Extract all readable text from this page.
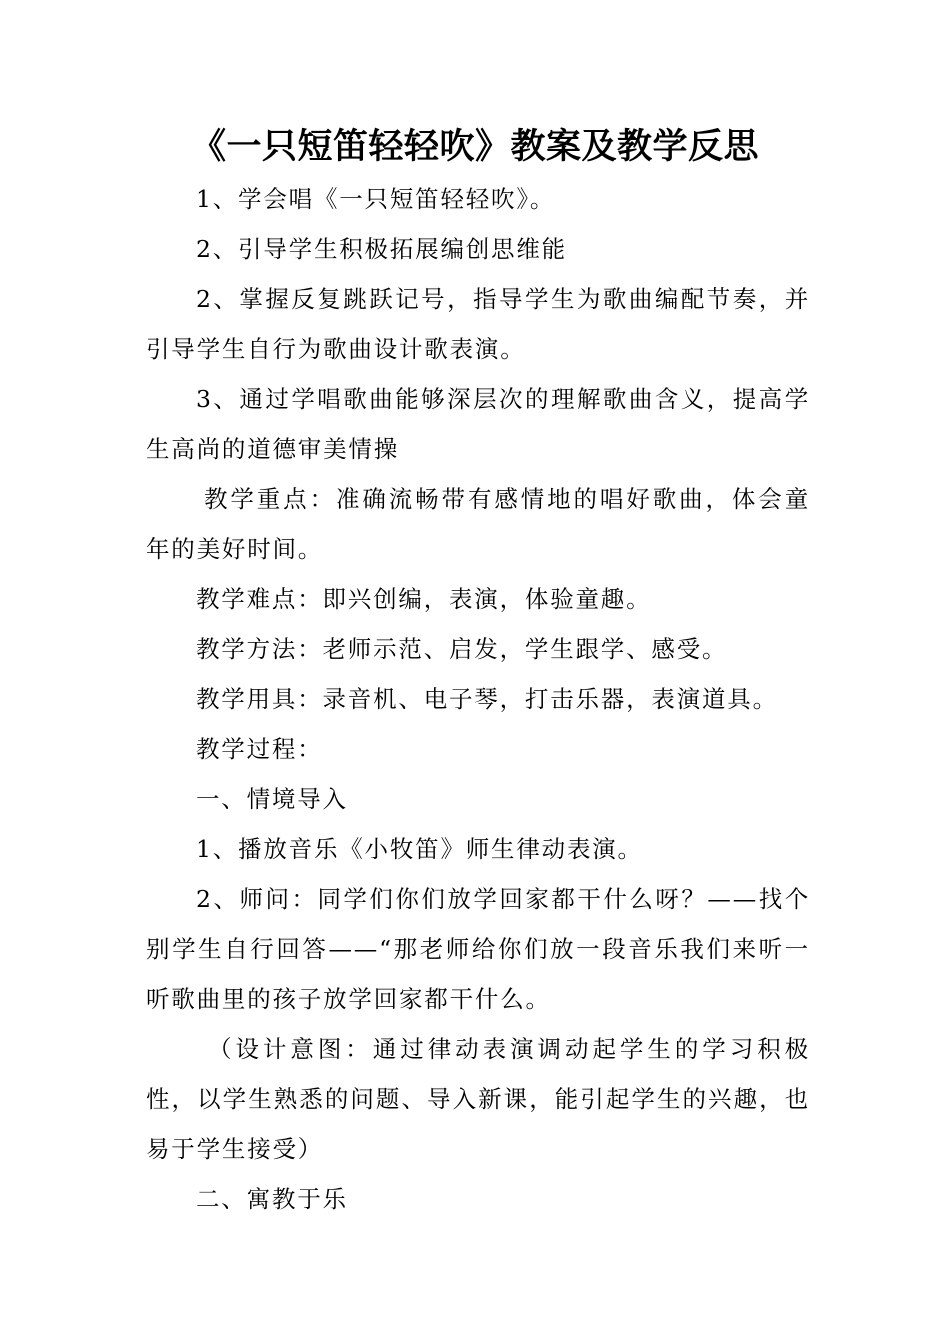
《一只短笛轻轻吹》教案及教学反思

1、学会唱《一只短笛轻轻吹》。

2、引导学生积极拓展编创思维能

2、掌握反复跳跃记号，指导学生为歌曲编配节奏，并引导学生自行为歌曲设计歌表演。

3、通过学唱歌曲能够深层次的理解歌曲含义，提高学生高尚的道德审美情操

教学重点：准确流畅带有感情地的唱好歌曲，体会童年的美好时间。

教学难点：即兴创编，表演，体验童趣。

教学方法：老师示范、启发，学生跟学、感受。

教学用具：录音机、电子琴，打击乐器，表演道具。

教学过程：

一、情境导入

1、播放音乐《小牧笛》师生律动表演。

2、师问：同学们你们放学回家都干什么呀？——找个别学生自行回答——“那老师给你们放一段音乐我们来听一听歌曲里的孩子放学回家都干什么。

（设计意图：通过律动表演调动起学生的学习积极性，以学生熟悉的问题、导入新课，能引起学生的兴趣，也易于学生接受）

二、寓教于乐
